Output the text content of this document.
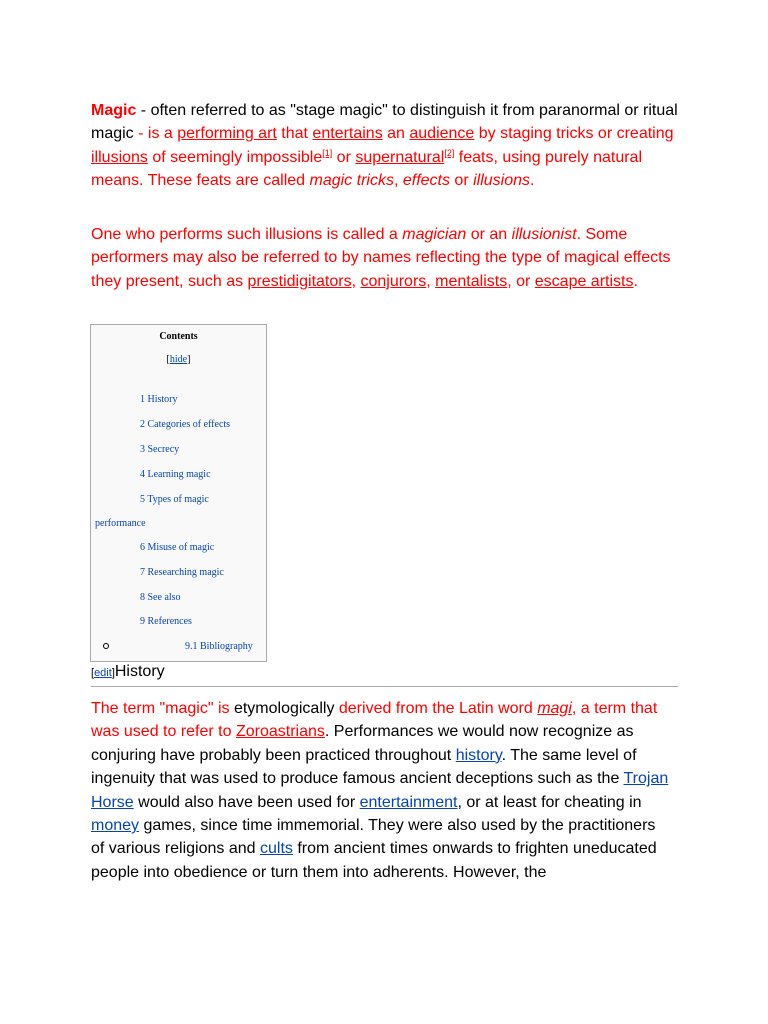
Magic - often referred to as "stage magic" to distinguish it from paranormal or ritual magic - is a performing art that entertains an audience by staging tricks or creating illusions of seemingly impossible[1] or supernatural[2] feats, using purely natural means. These feats are called magic tricks, effects or illusions.

One who performs such illusions is called a magician or an illusionist. Some performers may also be referred to by names reflecting the type of magical effects they present, such as prestidigitators, conjurors, mentalists, or escape artists.

Contents
[hide]
1 History
2 Categories of effects
3 Secrecy
4 Learning magic
5 Types of magic
performance
6 Misuse of magic
7 Researching magic
8 See also
9 References
9.1 Bibliography
[edit]History

The term "magic" is etymologically derived from the Latin word magi, a term that was used to refer to Zoroastrians. Performances we would now recognize as conjuring have probably been practiced throughout history. The same level of ingenuity that was used to produce famous ancient deceptions such as the Trojan Horse would also have been used for entertainment, or at least for cheating in money games, since time immemorial. They were also used by the practitioners of various religions and cults from ancient times onwards to frighten uneducated people into obedience or turn them into adherents. However, the
